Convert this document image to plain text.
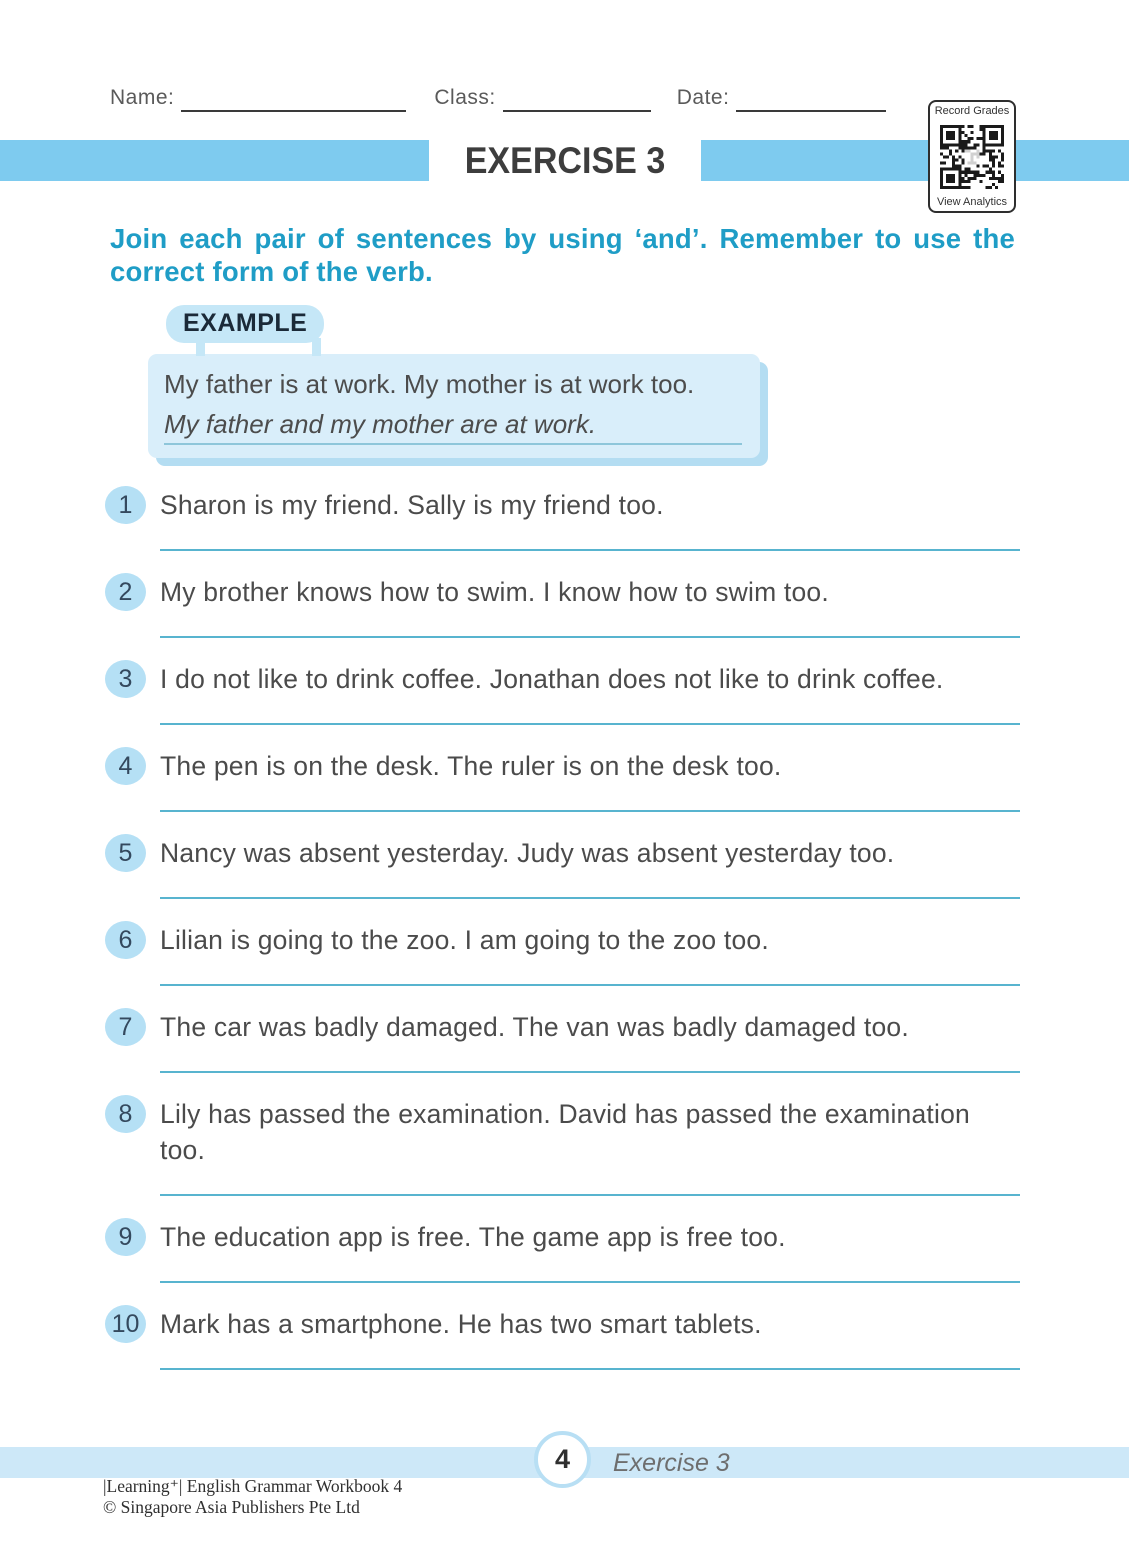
Name:	Class:	Date:
EXERCISE 3
Record Grades
View Analytics
Join each pair of sentences by using ‘and’. Remember to use the correct form of the verb.
EXAMPLE
My father is at work. My mother is at work too.
My father and my mother are at work.
1	Sharon is my friend. Sally is my friend too.
2	My brother knows how to swim. I know how to swim too.
3	I do not like to drink coffee. Jonathan does not like to drink coffee.
4	The pen is on the desk. The ruler is on the desk too.
5	Nancy was absent yesterday. Judy was absent yesterday too.
6	Lilian is going to the zoo. I am going to the zoo too.
7	The car was badly damaged. The van was badly damaged too.
8	Lily has passed the examination. David has passed the examination too.
9	The education app is free. The game app is free too.
10 Mark has a smartphone. He has two smart tablets.
4	Exercise 3
|Learning⁺| English Grammar Workbook 4
© Singapore Asia Publishers Pte Ltd
